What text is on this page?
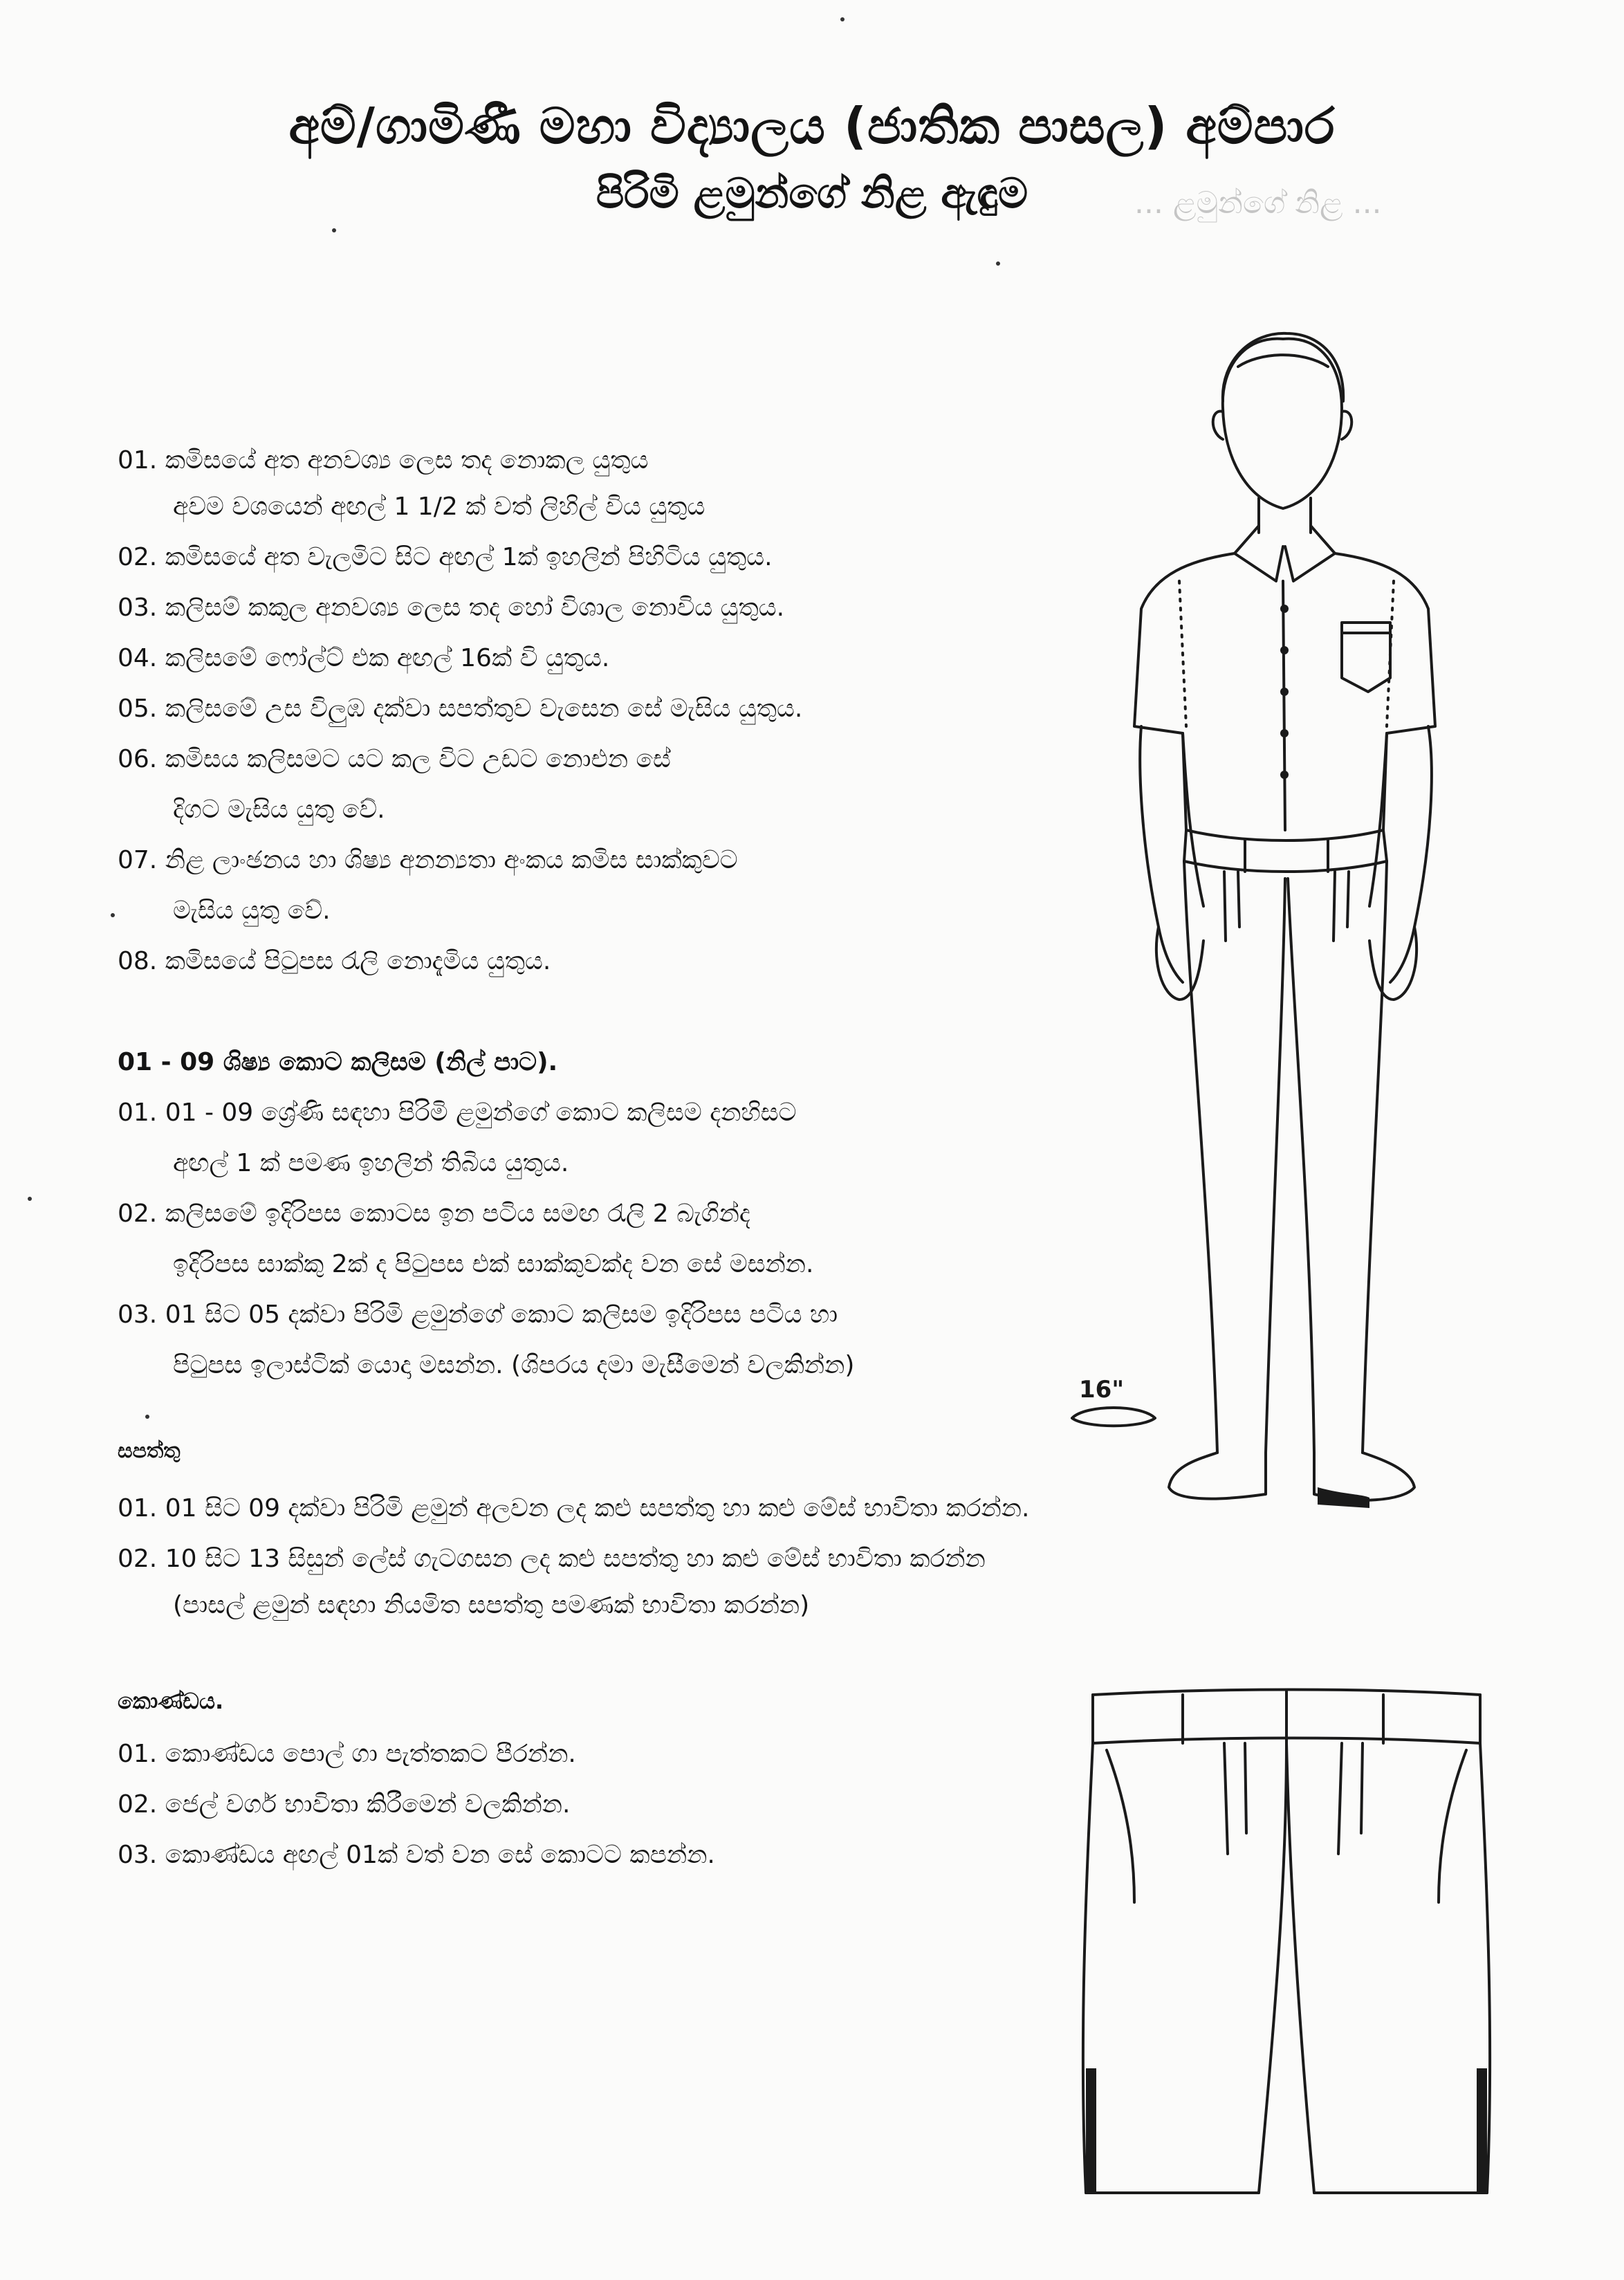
අම්/ගාමිණී මහා විද්‍යාලය (ජාතික පාසල) අම්පාර
පිරිමි ළමුන්ගේ නිළ ඇඳුම	... ළමුන්ගේ නිළ ...
01. කමිසයේ අත අනවශ්‍ය ලෙස තද නොකල යුතුය
අවම වශයෙන් අඟල් 1 1/2 ක් වත් ලිහිල් විය යුතුය
02. කමිසයේ අත වැලමිට සිට අඟල් 1ක් ඉහලින් පිහිටිය යුතුය.
03. කලිසම් කකුල අනවශ්‍ය ලෙස තද හෝ විශාල නොවිය යුතුය.
04. කලිසමේ ෆෝල්ට් එක අඟල් 16ක් වි යුතුය.
05. කලිසමේ උස විලුඹ දක්වා සපත්තුව වැසෙන සේ මැසිය යුතුය.
06. කමිසය කලිසමට යට කල විට උඩට නොඑන සේ
දිගට මැසිය යුතු වේ.
07. නිළ ලාංඡනය හා ශිෂ්‍ය අනන්‍යතා අංකය කමිස සාක්කුවට
මැසිය යුතු වේ.
08. කමිසයේ පිටුපස රැලි නොදැමිය යුතුය.
01 - 09 ශිෂ්‍ය කොට කලිසම (නිල් පාට).
01. 01 - 09 ශ්‍රේණි සඳහා පිරිමි ළමුන්ගේ කොට කලිසම දනහිසට
අඟල් 1 ක් පමණ ඉහලින් තිබිය යුතුය.
02. කලිසමේ ඉදිරිපස කොටස ඉන පටිය සමඟ රැලි 2 බැගින්ද
ඉදිරිපස සාක්කු 2ක් ද පිටුපස එක් සාක්කුවක්ද වන සේ මසන්න.
03. 01 සිට 05 දක්වා පිරිමි ළමුන්ගේ කොට කලිසම ඉදිරිපස පටිය හා
පිටුපස ඉලාස්ටික් යොදා මසන්න. (ශිපරය දමා මැසීමෙන් වලකින්න)
සපත්තු
01. 01 සිට 09 දක්වා පිරිමි ළමුන් අලවන ලද කළු සපත්තු හා කළු මේස් භාවිතා කරන්න.
02. 10 සිට 13 සිසුන් ලේස් ගැටගසන ලද කළු සපත්තු හා කළු මේස් භාවිතා කරන්න
(පාසල් ළමුන් සඳහා නියමිත සපත්තු පමණක් භාවිතා කරන්න)
කොණ්ඩය.
01. කොණ්ඩය පොල් ගා පැත්තකට පීරන්න.
02. ජෙල් වර්ග භාවිතා කිරීමෙන් වලකින්න.
03. කොණ්ඩය අඟල් 01ක් වත් වන සේ කොටට කපන්න.
16"
